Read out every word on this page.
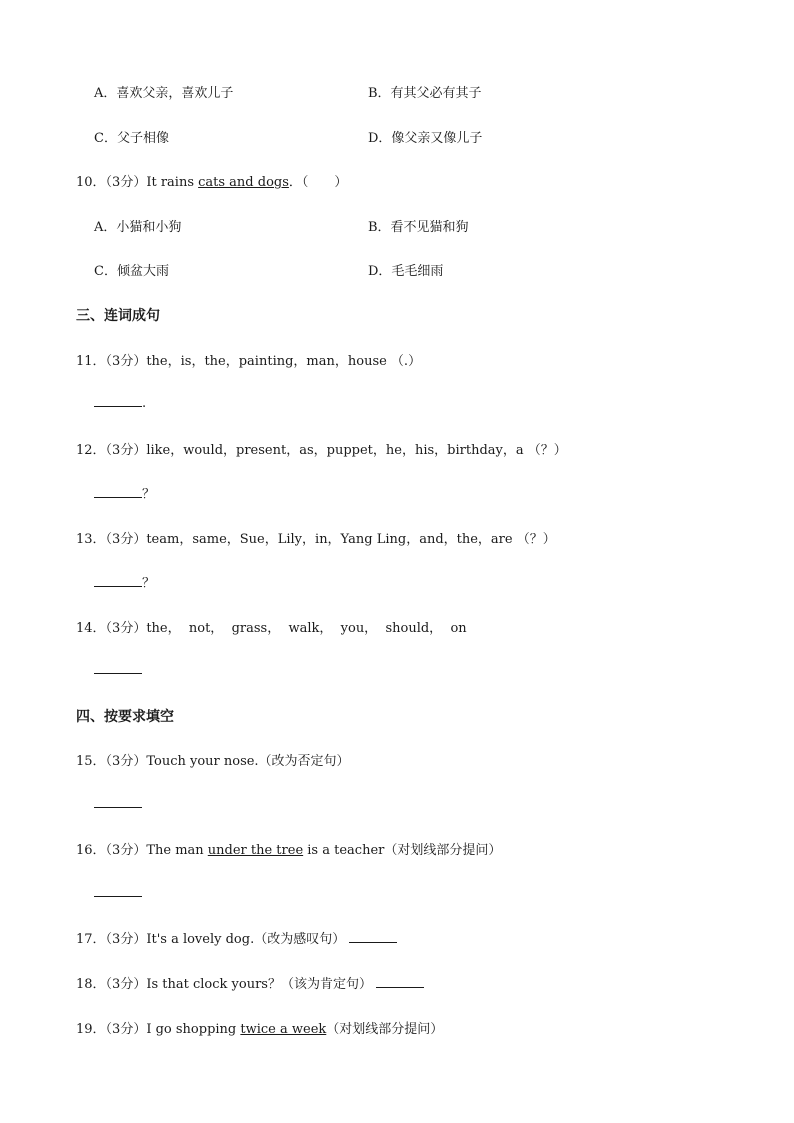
A．喜欢父亲，喜欢儿子	B．有其父必有其子
C．父子相像	D．像父亲又像儿子
10．（3分）It rains cats and dogs．（　　）
A．小猫和小狗	B．看不见猫和狗
C．倾盆大雨	D．毛毛细雨
三、连词成句
11．（3分）the，is，the，painting，man，house （.）
.
12．（3分）like，would，present，as，puppet，he，his，birthday，a （？）
？
13．（3分）team，same，Sue，Lily，in，Yang Ling，and，the，are （？）
？
14．（3分）the，  not，  grass，  walk，  you，  should，  on
四、按要求填空
15．（3分）Touch your nose.（改为否定句）
16．（3分）The man under the tree is a teacher（对划线部分提问）
17．（3分）It's a lovely dog.（改为感叹句）
18．（3分）Is that clock yours？（该为肯定句）
19．（3分）I go shopping twice a week（对划线部分提问）
